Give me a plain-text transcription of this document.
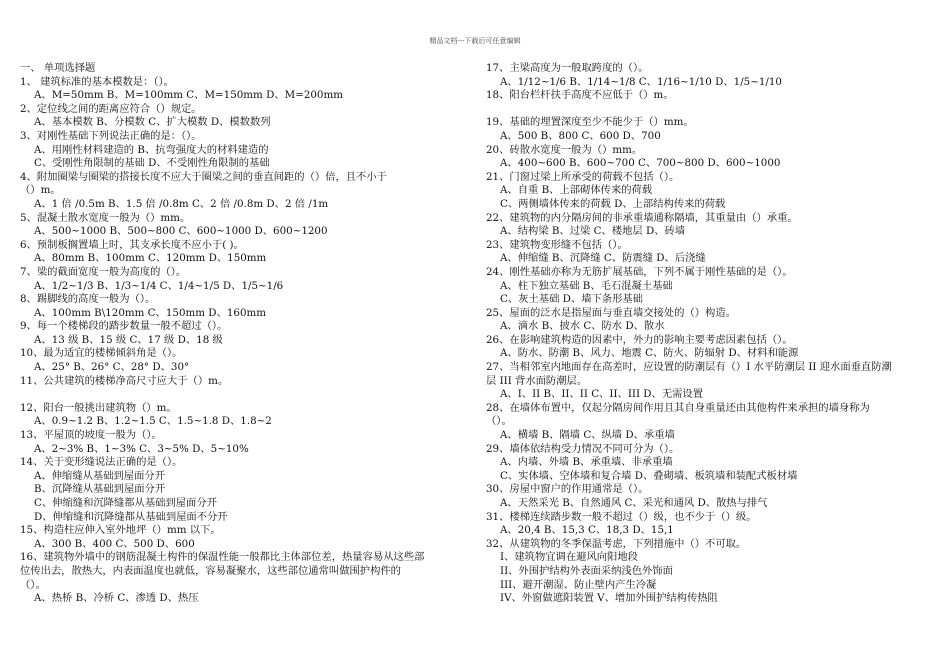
精品文档---下载后可任意编辑
一、 单项选择题
1、 建筑标准的基本模数是：（）。
A、M=50mm B、M=100mm C、M=150mm D、M=200mm
2、定位线之间的距离应符合（）规定。
A、基本模数 B、分模数 C、扩大模数 D、模数数列
3、对刚性基础下列说法正确的是：（）。
A、用刚性材料建造的 B、抗弯强度大的材料建造的
C、受刚性角限制的基础 D、不受刚性角限制的基础
4、附加圈梁与圈梁的搭接长度不应大于圈梁之间的垂直间距的（）倍，且不小于
（）m。
A、1 倍 /0.5m B、1.5 倍 /0.8m C、2 倍 /0.8m D、2 倍 /1m
5、混凝土散水宽度一般为（）mm。
A、500~1000 B、500~800 C、600~1000 D、600~1200
6、预制板搁置墙上时，其支承长度不应小于( )。
A、80mm B、100mm C、120mm D、150mm
7、梁的截面宽度一般为高度的（）。
A、1/2~1/3 B、1/3~1/4 C、1/4~1/5 D、1/5~1/6
8、踢脚线的高度一般为（）。
A、100mm B\120mm C、150mm D、160mm
9、每一个楼梯段的踏步数量一般不超过（）。
A、13 级 B、15 级 C、17 级 D、18 级
10、最为适宜的楼梯倾斜角是（）。
A、25° B、26° C、28° D、30°
11、公共建筑的楼梯净高尺寸应大于（）m。
12、阳台一般挑出建筑物（）m。
A、0.9~1.2 B、1.2~1.5 C、1.5~1.8 D、1.8~2
13、平屋顶的坡度一般为（）。
A、2~3% B、1~3% C、3~5% D、5~10%
14、关于变形缝说法正确的是（）。
A、伸缩缝从基础到屋面分开
B、沉降缝从基础到屋面分开
C、伸缩缝和沉降缝都从基础到屋面分开
D、伸缩缝和沉降缝都从基础到屋面不分开
15、构造柱应伸入室外地坪（）mm 以下。
A、300 B、400 C、500 D、600
16、建筑物外墙中的钢筋混凝土构件的保温性能一般都比主体部位差，热量容易从这些部
位传出去，散热大，内表面温度也就低，容易凝聚水，这些部位通常叫做围护构件的
（）。
A、热桥 B、冷桥 C、渗透 D、热压
17、主梁高度为一般取跨度的（）。
A、1/12~1/6 B、1/14~1/8 C、1/16~1/10 D、1/5~1/10
18、阳台栏杆扶手高度不应低于（）m。
19、基础的埋置深度至少不能少于（）mm。
A、500 B、800 C、600 D、700
20、砖散水宽度一般为（）mm。
A、400~600 B、600~700 C、700~800 D、600~1000
21、门窗过梁上所承受的荷载不包括（）。
A、自重 B、上部砌体传来的荷载
C、两侧墙体传来的荷载 D、上部结构传来的荷载
22、建筑物的内分隔房间的非承重墙通称隔墙，其重量由（）承重。
A、结构梁 B、过梁 C、楼地层 D、砖墙
23、建筑物变形缝不包括（）。
A、伸缩缝 B、沉降缝 C、防震缝 D、后浇缝
24、刚性基础亦称为无筋扩展基础，下列不属于刚性基础的是（）。
A、柱下独立基础 B、毛石混凝土基础
C、灰土基础 D、墙下条形基础
25、屋面的泛水是指屋面与垂直墙交接处的（）构造。
A、滴水 B、披水 C、防水 D、散水
26、在影响建筑构造的因素中，外力的影响主要考虑因素包括（）。
A、防水、防潮 B、风力、地震 C、防火、防辐射 D、材料和能源
27、当相邻室内地面存在高差时，应设置的防潮层有（）I 水平防潮层 II 迎水面垂直防潮
层 III 背水面防潮层。
A、I、II B、II、II C、II、III D、无需设置
28、在墙体布置中，仅起分隔房间作用且其自身重量还由其他构件来承担的墙身称为
（）。
A、横墙 B、隔墙 C、纵墙 D、承重墙
29、墙体依结构受力情况不同可分为（）。
A、内墙、外墙 B、承重墙、非承重墙
C、实体墙、空体墙和复合墙 D、叠砌墙、板筑墙和装配式板材墙
30、房屋中窗户的作用通常是（）。
A、天然采光 B、自然通风 C、采光和通风 D、散热与排气
31、楼梯连续踏步数一般不超过（）级，也不少于（）级。
A、20,4 B、15,3 C、18,3 D、15,1
32、从建筑物的冬季保温考虑，下列措施中（）不可取。
I、建筑物宜调在避风向阳地段
II、外围护结构外表面采纳浅色外饰面
III、避开潮湿、防止壁内产生冷凝
IV、外窗做遮阳装置 V、增加外围护结构传热阻
